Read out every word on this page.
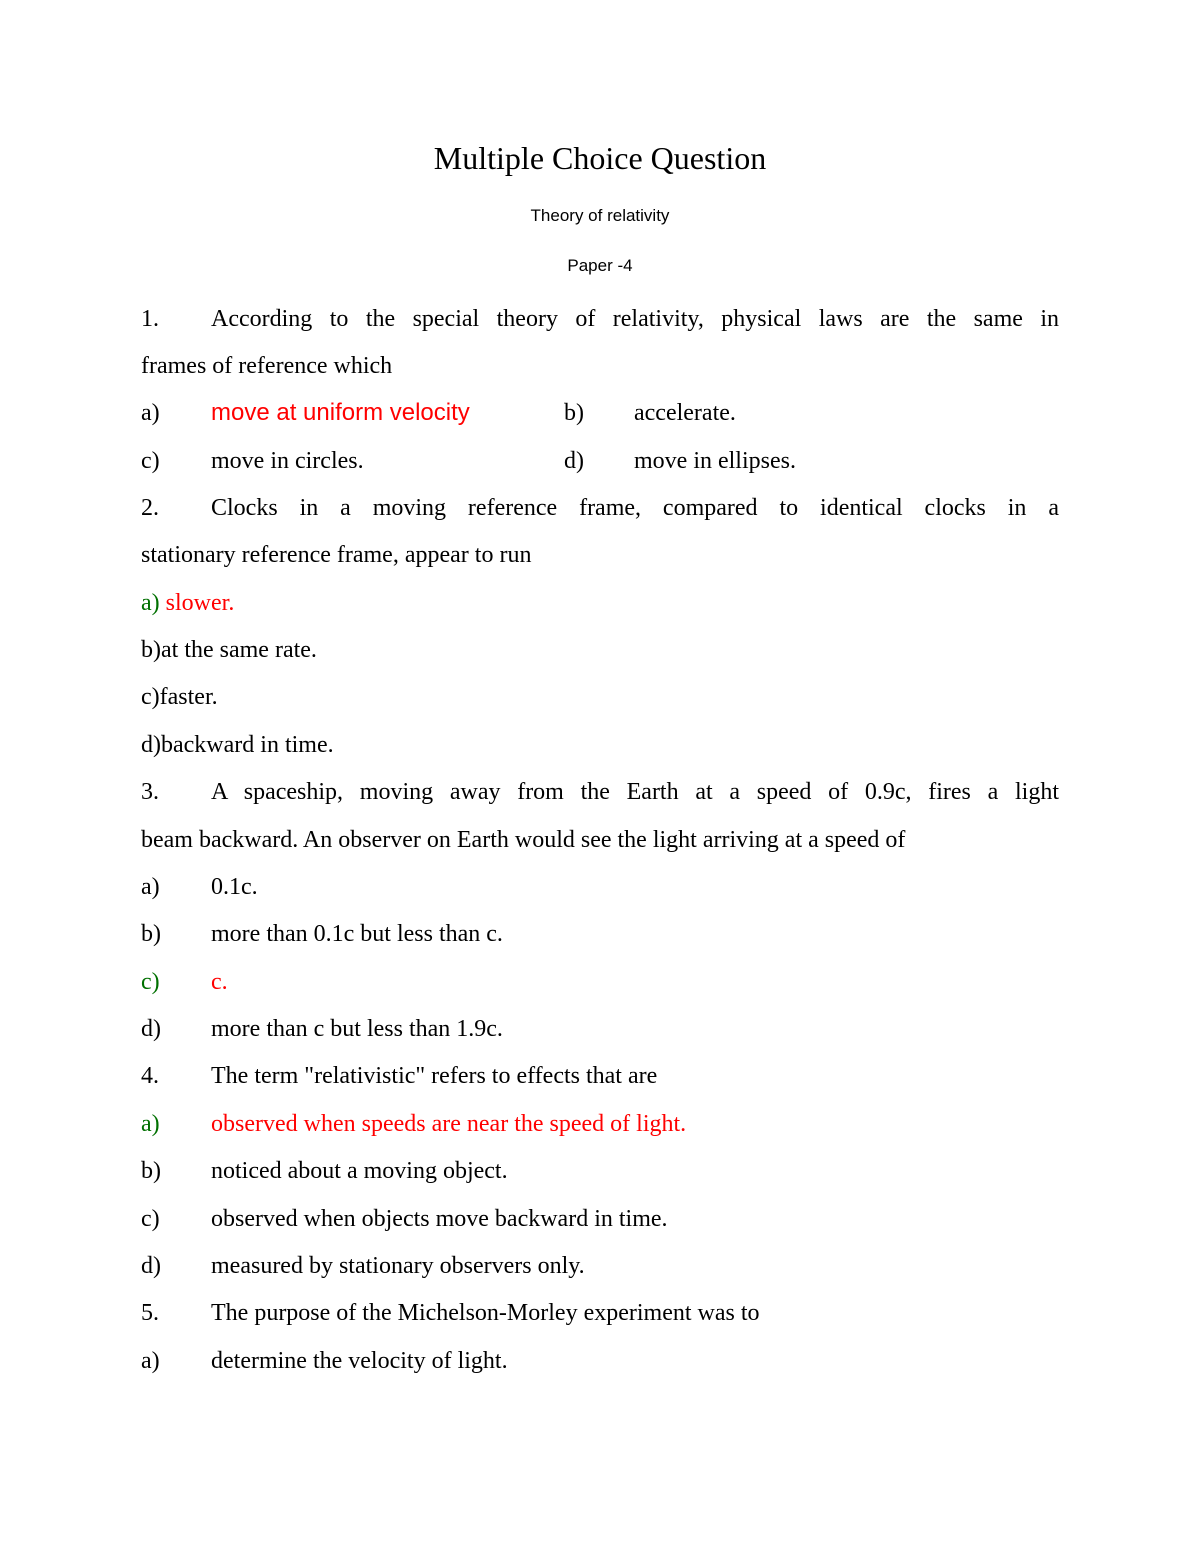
Multiple Choice Question
Theory of relativity
Paper -4
1. According to the special theory of relativity, physical laws are the same in
frames of reference which
a) move at uniform velocity	b) accelerate.
c) move in circles.	d) move in ellipses.
2. Clocks in a moving reference frame, compared to identical clocks in a
stationary reference frame, appear to run
a) slower.
b)at the same rate.
c)faster.
d)backward in time.
3. A spaceship, moving away from the Earth at a speed of 0.9c, fires a light
beam backward. An observer on Earth would see the light arriving at a speed of
a) 0.1c.
b) more than 0.1c but less than c.
c) c.
d) more than c but less than 1.9c.
4. The term "relativistic" refers to effects that are
a) observed when speeds are near the speed of light.
b) noticed about a moving object.
c) observed when objects move backward in time.
d) measured by stationary observers only.
5. The purpose of the Michelson-Morley experiment was to
a) determine the velocity of light.
